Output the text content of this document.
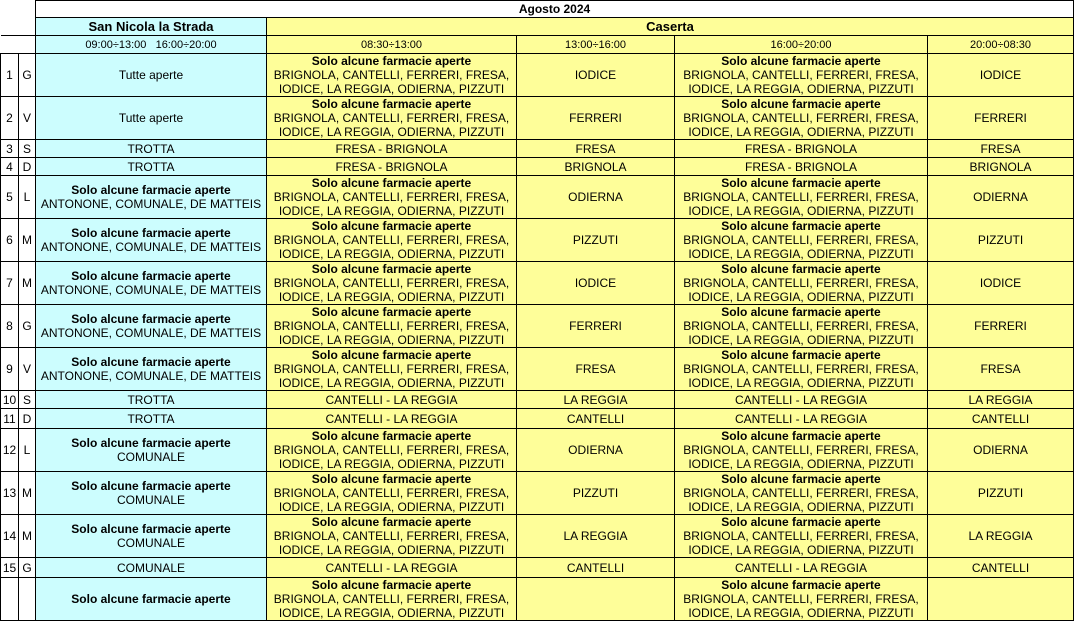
		Agosto 2024				
		San Nicola la Strada	Caserta			
		09:00÷13:00   16:00÷20:00	08:30÷13:00	13:00÷16:00	16:00÷20:00	20:00÷08:30
1	G	Tutte aperte	Solo alcune farmacie aperte
BRIGNOLA, CANTELLI, FERRERI, FRESA,
IODICE, LA REGGIA, ODIERNA, PIZZUTI	IODICE	Solo alcune farmacie aperte
BRIGNOLA, CANTELLI, FERRERI, FRESA,
IODICE, LA REGGIA, ODIERNA, PIZZUTI	IODICE
2	V	Tutte aperte	Solo alcune farmacie aperte
BRIGNOLA, CANTELLI, FERRERI, FRESA,
IODICE, LA REGGIA, ODIERNA, PIZZUTI	FERRERI	Solo alcune farmacie aperte
BRIGNOLA, CANTELLI, FERRERI, FRESA,
IODICE, LA REGGIA, ODIERNA, PIZZUTI	FERRERI
3	S	TROTTA	FRESA - BRIGNOLA	FRESA	FRESA - BRIGNOLA	FRESA
4	D	TROTTA	FRESA - BRIGNOLA	BRIGNOLA	FRESA - BRIGNOLA	BRIGNOLA
5	L	Solo alcune farmacie aperte
ANTONONE, COMUNALE, DE MATTEIS	Solo alcune farmacie aperte
BRIGNOLA, CANTELLI, FERRERI, FRESA,
IODICE, LA REGGIA, ODIERNA, PIZZUTI	ODIERNA	Solo alcune farmacie aperte
BRIGNOLA, CANTELLI, FERRERI, FRESA,
IODICE, LA REGGIA, ODIERNA, PIZZUTI	ODIERNA
6	M	Solo alcune farmacie aperte
ANTONONE, COMUNALE, DE MATTEIS	Solo alcune farmacie aperte
BRIGNOLA, CANTELLI, FERRERI, FRESA,
IODICE, LA REGGIA, ODIERNA, PIZZUTI	PIZZUTI	Solo alcune farmacie aperte
BRIGNOLA, CANTELLI, FERRERI, FRESA,
IODICE, LA REGGIA, ODIERNA, PIZZUTI	PIZZUTI
7	M	Solo alcune farmacie aperte
ANTONONE, COMUNALE, DE MATTEIS	Solo alcune farmacie aperte
BRIGNOLA, CANTELLI, FERRERI, FRESA,
IODICE, LA REGGIA, ODIERNA, PIZZUTI	IODICE	Solo alcune farmacie aperte
BRIGNOLA, CANTELLI, FERRERI, FRESA,
IODICE, LA REGGIA, ODIERNA, PIZZUTI	IODICE
8	G	Solo alcune farmacie aperte
ANTONONE, COMUNALE, DE MATTEIS	Solo alcune farmacie aperte
BRIGNOLA, CANTELLI, FERRERI, FRESA,
IODICE, LA REGGIA, ODIERNA, PIZZUTI	FERRERI	Solo alcune farmacie aperte
BRIGNOLA, CANTELLI, FERRERI, FRESA,
IODICE, LA REGGIA, ODIERNA, PIZZUTI	FERRERI
9	V	Solo alcune farmacie aperte
ANTONONE, COMUNALE, DE MATTEIS	Solo alcune farmacie aperte
BRIGNOLA, CANTELLI, FERRERI, FRESA,
IODICE, LA REGGIA, ODIERNA, PIZZUTI	FRESA	Solo alcune farmacie aperte
BRIGNOLA, CANTELLI, FERRERI, FRESA,
IODICE, LA REGGIA, ODIERNA, PIZZUTI	FRESA
10	S	TROTTA	CANTELLI - LA REGGIA	LA REGGIA	CANTELLI - LA REGGIA	LA REGGIA
11	D	TROTTA	CANTELLI - LA REGGIA	CANTELLI	CANTELLI - LA REGGIA	CANTELLI
12	L	Solo alcune farmacie aperte
COMUNALE	Solo alcune farmacie aperte
BRIGNOLA, CANTELLI, FERRERI, FRESA,
IODICE, LA REGGIA, ODIERNA, PIZZUTI	ODIERNA	Solo alcune farmacie aperte
BRIGNOLA, CANTELLI, FERRERI, FRESA,
IODICE, LA REGGIA, ODIERNA, PIZZUTI	ODIERNA
13	M	Solo alcune farmacie aperte
COMUNALE	Solo alcune farmacie aperte
BRIGNOLA, CANTELLI, FERRERI, FRESA,
IODICE, LA REGGIA, ODIERNA, PIZZUTI	PIZZUTI	Solo alcune farmacie aperte
BRIGNOLA, CANTELLI, FERRERI, FRESA,
IODICE, LA REGGIA, ODIERNA, PIZZUTI	PIZZUTI
14	M	Solo alcune farmacie aperte
COMUNALE	Solo alcune farmacie aperte
BRIGNOLA, CANTELLI, FERRERI, FRESA,
IODICE, LA REGGIA, ODIERNA, PIZZUTI	LA REGGIA	Solo alcune farmacie aperte
BRIGNOLA, CANTELLI, FERRERI, FRESA,
IODICE, LA REGGIA, ODIERNA, PIZZUTI	LA REGGIA
15	G	COMUNALE	CANTELLI - LA REGGIA	CANTELLI	CANTELLI - LA REGGIA	CANTELLI

		Solo alcune farmacie aperte	Solo alcune farmacie aperte
BRIGNOLA, CANTELLI, FERRERI, FRESA,
IODICE, LA REGGIA, ODIERNA, PIZZUTI		Solo alcune farmacie aperte
BRIGNOLA, CANTELLI, FERRERI, FRESA,
IODICE, LA REGGIA, ODIERNA, PIZZUTI	
